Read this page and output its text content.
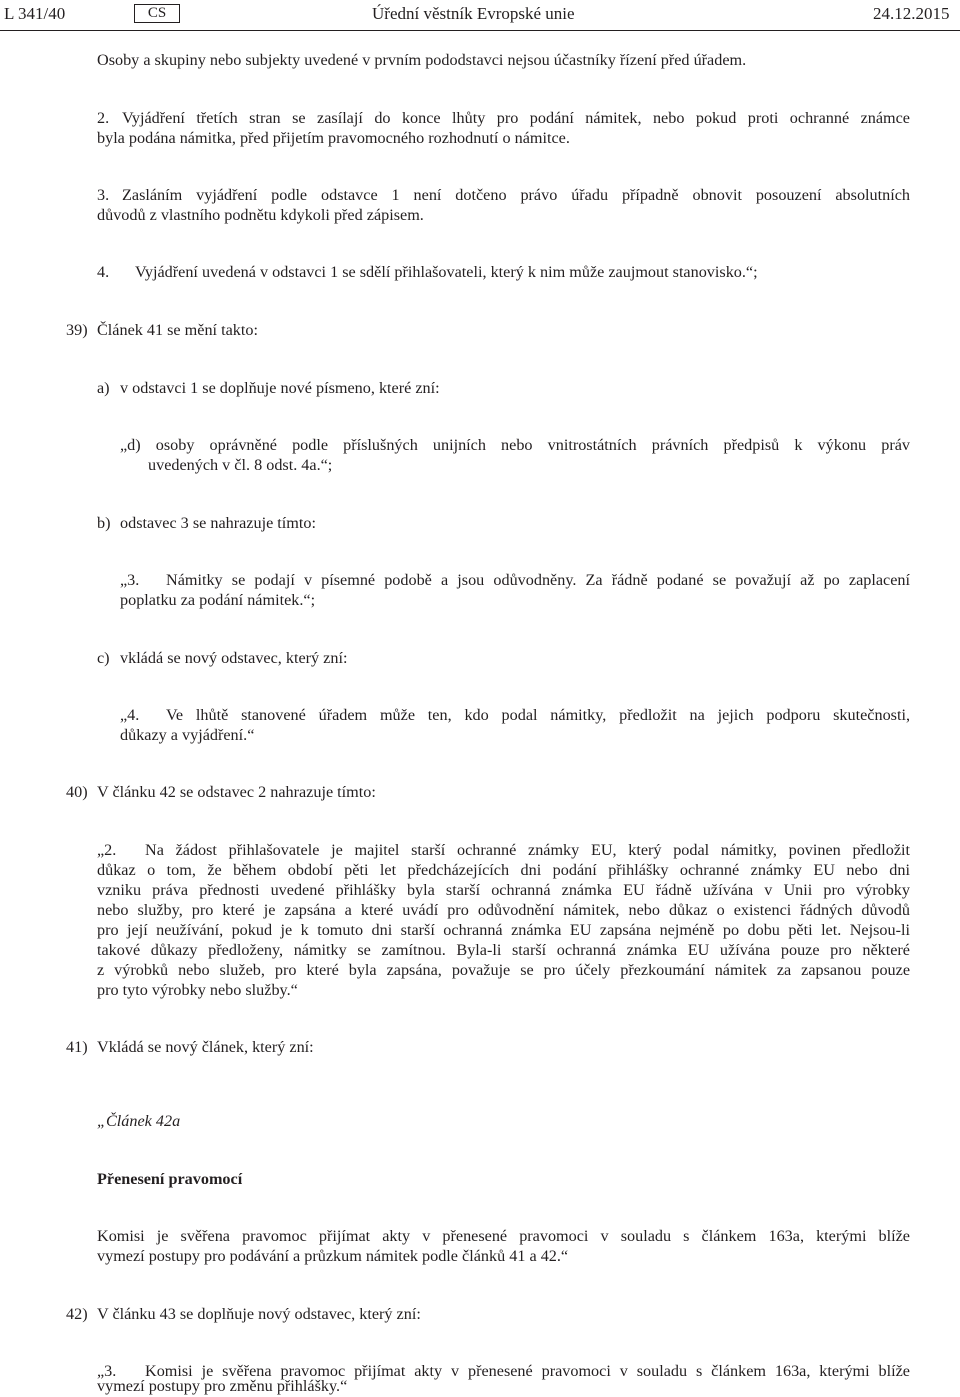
L 341/40	CS	Úřední věstník Evropské unie	24.12.2015
Osoby a skupiny nebo subjekty uvedené v prvním pododstavci nejsou účastníky řízení před úřadem.
2. Vyjádření třetích stran se zasílají do konce lhůty pro podání námitek, nebo pokud proti ochranné známce
byla podána námitka, před přijetím pravomocného rozhodnutí o námitce.
3. Zasláním vyjádření podle odstavce 1 není dotčeno právo úřadu případně obnovit posouzení absolutních
důvodů z vlastního podnětu kdykoli před zápisem.
4. Vyjádření uvedená v odstavci 1 se sdělí přihlašovateli, který k nim může zaujmout stanovisko.“;
39) Článek 41 se mění takto:
a) v odstavci 1 se doplňuje nové písmeno, které zní:
„d) osoby oprávněné podle příslušných unijních nebo vnitrostátních právních předpisů k výkonu práv
uvedených v čl. 8 odst. 4a.“;
b) odstavec 3 se nahrazuje tímto:
„3. Námitky se podají v písemné podobě a jsou odůvodněny. Za řádně podané se považují až po zaplacení
poplatku za podání námitek.“;
c) vkládá se nový odstavec, který zní:
„4. Ve lhůtě stanovené úřadem může ten, kdo podal námitky, předložit na jejich podporu skutečnosti,
důkazy a vyjádření.“
40) V článku 42 se odstavec 2 nahrazuje tímto:
„2. Na žádost přihlašovatele je majitel starší ochranné známky EU, který podal námitky, povinen předložit
důkaz o tom, že během období pěti let předcházejících dni podání přihlášky ochranné známky EU nebo dni
vzniku práva přednosti uvedené přihlášky byla starší ochranná známka EU řádně užívána v Unii pro výrobky
nebo služby, pro které je zapsána a které uvádí pro odůvodnění námitek, nebo důkaz o existenci řádných důvodů
pro její neužívání, pokud je k tomuto dni starší ochranná známka EU zapsána nejméně po dobu pěti let. Nejsou-li
takové důkazy předloženy, námitky se zamítnou. Byla-li starší ochranná známka EU užívána pouze pro některé
z výrobků nebo služeb, pro které byla zapsána, považuje se pro účely přezkoumání námitek za zapsanou pouze
pro tyto výrobky nebo služby.“
41) Vkládá se nový článek, který zní:
„Článek 42a
Přenesení pravomocí
Komisi je svěřena pravomoc přijímat akty v přenesené pravomoci v souladu s článkem 163a, kterými blíže
vymezí postupy pro podávání a průzkum námitek podle článků 41 a 42.“
42) V článku 43 se doplňuje nový odstavec, který zní:
„3. Komisi je svěřena pravomoc přijímat akty v přenesené pravomoci v souladu s článkem 163a, kterými blíže
vymezí postupy pro změnu přihlášky.“
